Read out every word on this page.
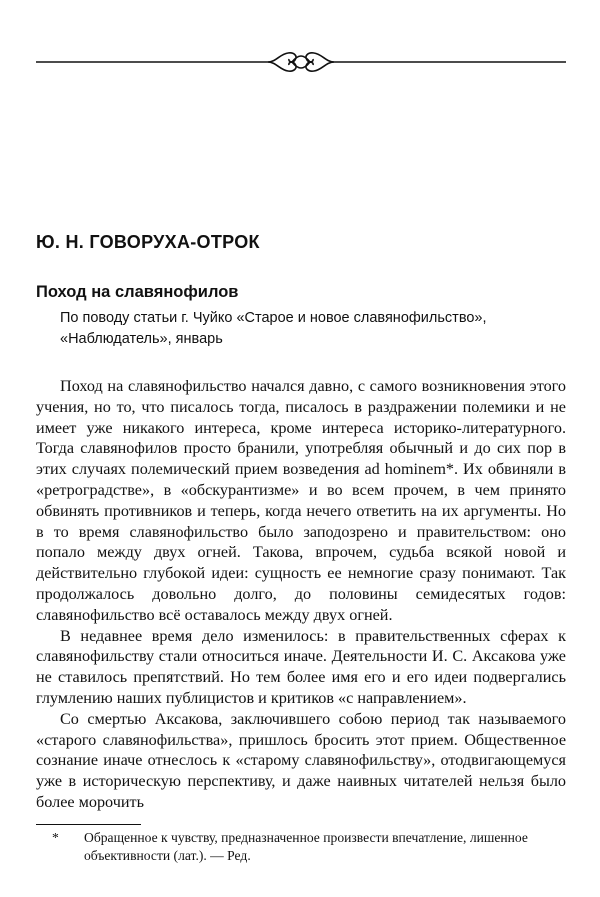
Ю. Н. ГОВОРУХА-ОТРОК
Поход на славянофилов

По поводу статьи г. Чуйко «Старое и новое славянофильство», «Наблюдатель», январь

Поход на славянофильство начался давно, с самого возникновения этого учения, но то, что писалось тогда, писалось в раздражении полемики и не имеет уже никакого интереса, кроме интереса историко-литературного. Тогда славянофилов просто бранили, употребляя обычный и до сих пор в этих случаях полемический прием возведения ad hominem*. Их обвиняли в «ретроградстве», в «обскурантизме» и во всем прочем, в чем принято обвинять противников и теперь, когда нечего ответить на их аргументы. Но в то время славянофильство было заподозрено и правительством: оно попало между двух огней. Такова, впрочем, судьба всякой новой и действительно глубокой идеи: сущность ее немногие сразу понимают. Так продолжалось довольно долго, до половины семидесятых годов: славянофильство всё оставалось между двух огней.

В недавнее время дело изменилось: в правительственных сферах к славянофильству стали относиться иначе. Деятельности И. С. Аксакова уже не ставилось препятствий. Но тем более имя его и его идеи подвергались глумлению наших публицистов и критиков «с направлением».

Со смертью Аксакова, заключившего собою период так называемого «старого славянофильства», пришлось бросить этот прием. Общественное сознание иначе отнеслось к «старому славянофильству», отодвигающемуся уже в историческую перспективу, и даже наивных читателей нельзя было более морочить

* Обращенное к чувству, предназначенное произвести впечатление, лишенное объективности (лат.). — Ред.
